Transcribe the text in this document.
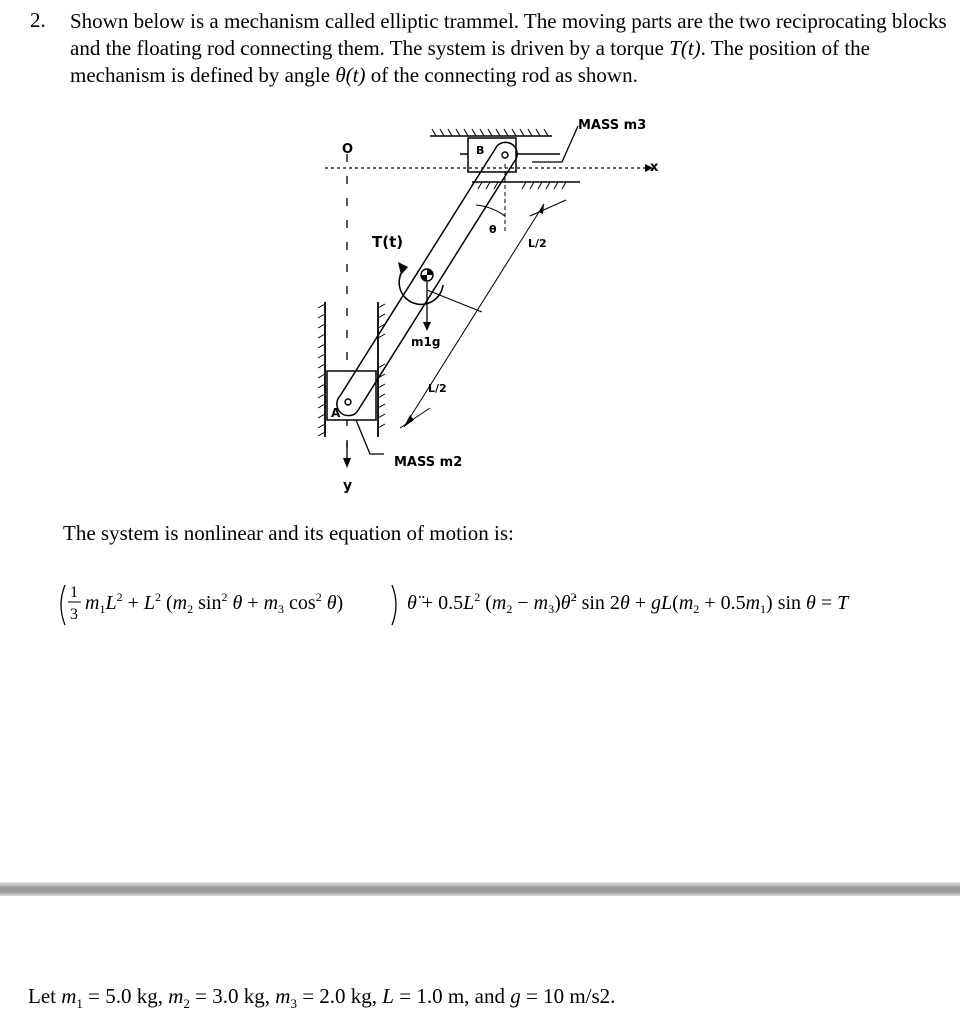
2. Shown below is a mechanism called elliptic trammel. The moving parts are the two reciprocating blocks and the floating rod connecting them. The system is driven by a torque T(t). The position of the mechanism is defined by angle θ(t) of the connecting rod as shown.
MASS m3
O	B
x
θ
T(t)
m1g
L/2
L/2
A
MASS m2
y
The system is nonlinear and its equation of motion is:
1
3
$m_1L^2 + L^2$ ($m_2$ $\sin^2 \theta + m_3$ $\cos^2 \theta$)	θ̈ + $0.5L^2$ ($m_2$ − $m_3)\thetȧ^2$ $\sin 2\theta + gL(m_2 + 0.5m_1)$ sin θ = T
Let $m_1 = 5.0$ kg, $m_2 = 3.0$ kg, $m_3 = 2.0$ kg, L = 1.0 m, and g = 10 m/s2.
